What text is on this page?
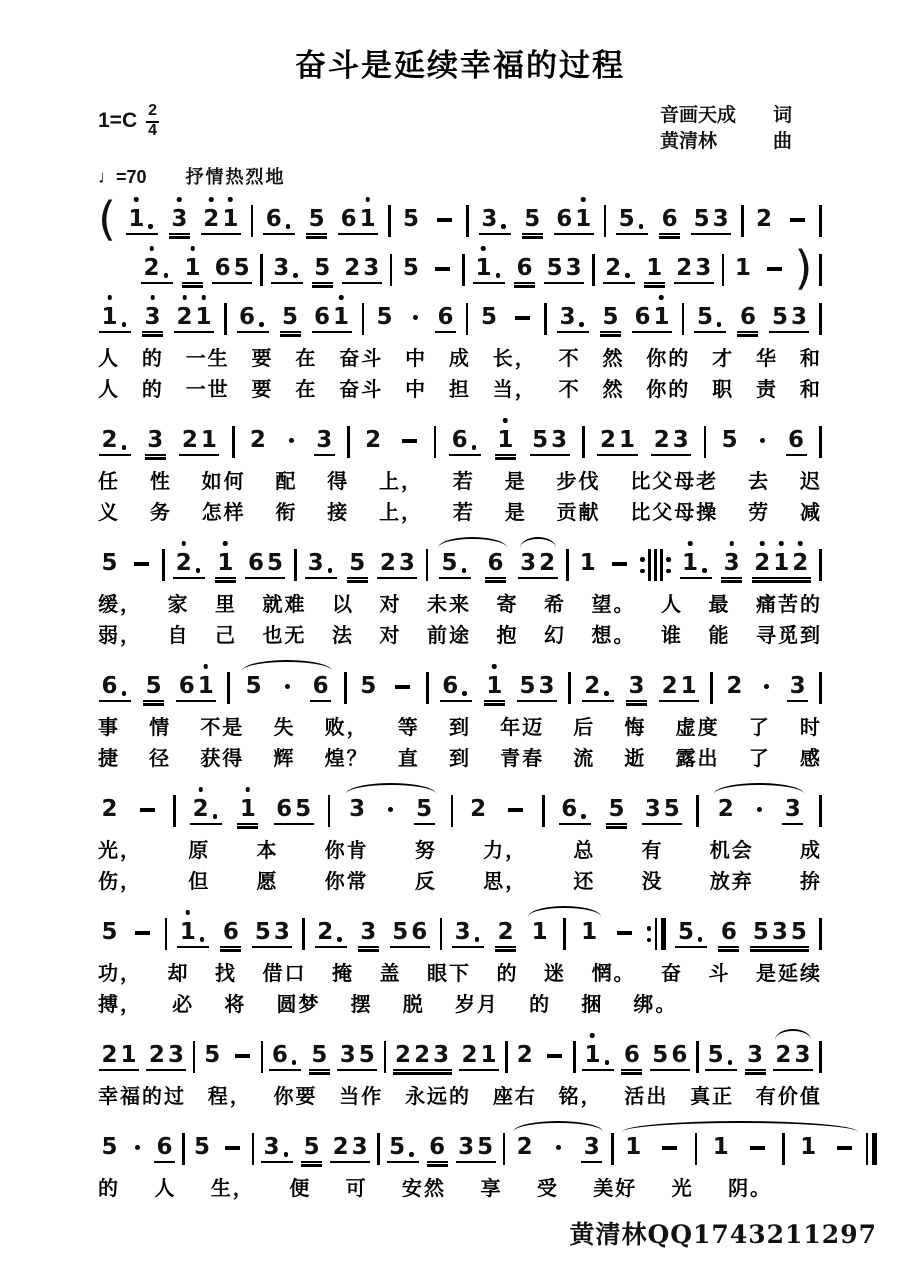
奋斗是延续幸福的过程
$1=C \frac{2}{4}$	音画天成 词
黄清林	曲
♩=70 抒情热烈地
( 1 3 2 1 6 5 6 1 5	3 5 6 1 5 6 5 3 2
2 1 6 5 3 5 2 3 5 1 6 5 3 2 1 2 3 1 )
1 3 2 1 6 5 6 1 5 6 5	3 5 6 1 5 6 5 3
人 的 一生 要 在 奋斗 中 成 长， 不 然 你的 才 华 和
人 的 一世 要 在 奋斗 中 担 当， 不 然 你的 职 责 和
2 3 2 1 2 3 2	6 1 5 3 2 1 2 3 5 6
任 性 如何 配 得 上， 若 是 步伐 比父母老 去 迟
义 务 怎样 衔 接 上， 若 是 贡献 比父母操 劳 减
5	2 1 6 5 3 5 2 3 5 6 3 2 1	1 3 2 1 2
缓， 家 里 就难 以 对 未来 寄 希 望。 人 最 痛苦的
弱， 自 己 也无 法 对 前途 抱 幻 想。 谁 能 寻觅到
6 5 6 1 5 6 5	6 1 5 3 2 3 2 1 2 3
事 情 不是 失 败， 等 到 年迈 后 悔 虚度 了 时
捷 径 获得 辉 煌？ 直 到 青春 流 逝 露出 了 感
2	2 1 6 5 3 5 2	6 5 3 5 2 3
光， 原 本 你肯 努 力， 总 有 机会 成
伤， 但 愿 你常 反 思， 还 没 放弃 拚
5	1 6 5 3 2 3 5 6 3 2 1 1	5 6 5 3 5
功， 却 找 借口 掩 盖 眼下 的 迷 惘。 奋 斗 是延续
搏， 必 将 圆梦 摆 脱 岁月 的 捆 绑。
2 1 2 3 5 6 5 3 5 2 2 3 2 1 2 1 6 5 6 5 3 2 3
幸福的过 程， 你要 当作 永远的 座右 铭， 活出 真正 有价值
5 6 5 3 5 2 3 5 6 3 5 2 3 1	1	1
的 人 生， 便 可 安然 享 受 美好 光 阴。
黄清林QQ1743211297
